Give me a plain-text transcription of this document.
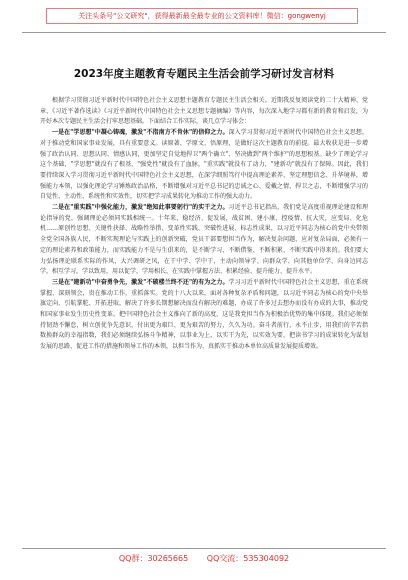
关注头条号"公文研究"，获得最新最全最专业的公文资料库！微信：gongwenyj
2023年度主题教育专题民主生活会前学习研讨发言材料

根据学习贯彻习近平新时代中国特色社会主义思想主题教育专题民主生活会相关。近期我反复阅读党的二十大精神、党章、《习近平著作选读》《习近平新时代中国特色社会主义思想专题摘编》等内容，每次深入地学习都有新的教育和启发，为开好本次专题民主生活会打牢思想基础。下面结合工作实际，谈几点学习体会：

一是在"学思想"中凝心铸魂，激发"不指南方不肯休"的信仰之力。深入学习贯彻习近平新时代中国特色社会主义思想，对于推动党和国家事业发展，具有重要意义。读原著、学原文、悟原理，是做好这次主题教育的前提。最大收获是进一步增强了政治认同、思想认同、情感认同，更加坚定自觉地捍卫"两个确立"、坚决做到"两个维护"的思想根基。缺少了理论学习这个基础，"学思想"就没有了根基，"强党性"就没有了血脉，"重实践"就没有了动力，"建新功"就没有了保障。因此，我们要持续深入学习贯彻习近平新时代中国特色社会主义思想，在深学细照笃行中提高理论素养、坚定理想信念、升华境界，增强能力本领，以强化理论学习锤炼政治品格，不断增强对习近平总书记的忠诚之心、爱戴之情、捍卫之志，不断增强学习的自觉性、主动性、系统性和实效性，切实把学习成果转化为推动工作的强大动力。

二是在"重实践"中强化能力，激发"绝知此事要躬行"的实干之力。习近平总书记指出，我们党是高度重视理论建设和理论指导的党，强调理论必须同实践相统一。十年来，稳经济、促发展，战贫困、建小康，控疫情、抗大灾，应变局、化危机……原创性思想、关键性抉择、战略性举措、变革性实践、突破性进展、标志性成果，以习近平同志为核心的党中央带领全党全国各族人民，不断实现理论与实践上的创新突破，党员干部要想担当作为，解决复杂问题、应对复杂局面，必须有一定的理论素养和政策能力，而实践能力不是与生俱来的，是不断学习、不断借鉴、不断积累、不断实践中得来的。我们要大力弘扬理论联系实际的作风，大兴调研之风，在干中学、学中干，主动向领导学、向群众学、向其他单位学、向身边同志学，相互学习，学以致用，用以促学，学用相长，在实践中掌握方法、积累经验、提升能力、提升水平。

三是在"建新功"中奋勇争先，激发"不破楼兰终不还"的有为之力。学习习近平新时代中国特色社会主义思想，重在系统掌握、深刻领会，贵在推动工作，重抓落实。党的十八大以来，面对各种复杂矛盾和问题，以习近平同志为核心的党中央举旗定向、引航掌舵、开拓进取，解决了许多长期想解决而没有解决的难题，办成了许多过去想办而没有办成的大事，推动党和国家事业发生历史性变革。把中国特色社会主义推向了新的高度，这是我党担当作为积极治优势的集中体现。我们必须保持韧劲不懈怠，树立创优争先意识，付出更为艰巨、更为艰苦的努力，久久为功。奋斗者前行，永不止步，用我们的辛苦指数换群众的幸福指数，我们必须继续弘扬斗争精神，以事业为上，以实干为先，以实效为要，把读书学习的成果转化为谋划发展的思路、促进工作的措施和领导工作的本领，以担当作为、真抓实干推动本单位高质量发展提质增效。

QQ群：30265665 QQ交流：535304092
